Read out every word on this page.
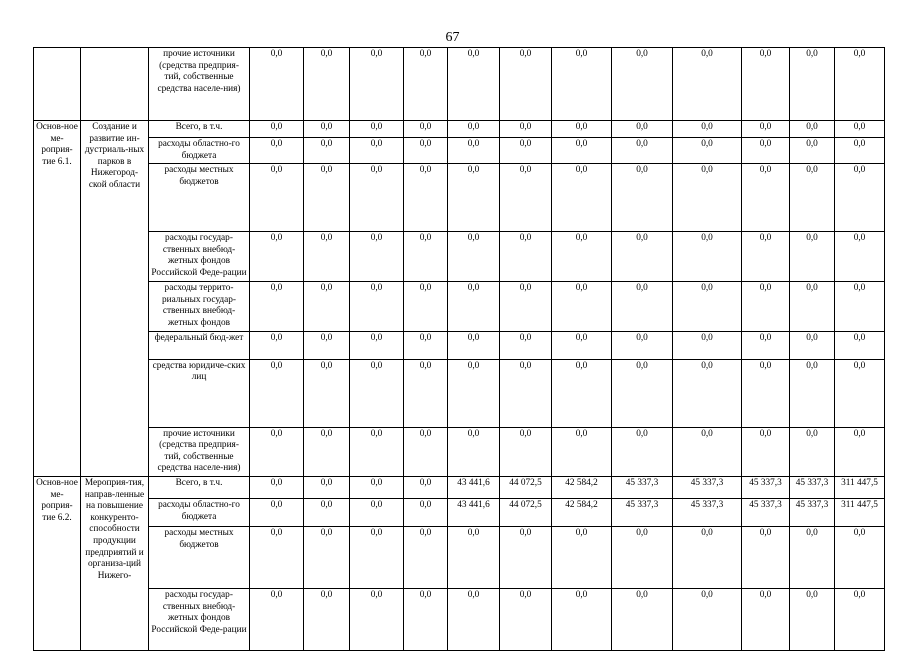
67
		прочие источники (средства предприя-тий, собственные средства населе-ния)	0,0	0,0	0,0	0,0	0,0	0,0	0,0	0,0	0,0	0,0	0,0	0,0
Основ-ное ме-роприя-тие 6.1.	Создание и развитие ин-дустриаль-ных парков в Нижегород-ской области	Всего, в т.ч.	0,0	0,0	0,0	0,0	0,0	0,0	0,0	0,0	0,0	0,0	0,0	0,0
		расходы областно-го бюджета	0,0	0,0	0,0	0,0	0,0	0,0	0,0	0,0	0,0	0,0	0,0	0,0
		расходы местных бюджетов	0,0	0,0	0,0	0,0	0,0	0,0	0,0	0,0	0,0	0,0	0,0	0,0
		расходы государ-ственных внебюд-жетных фондов Российской Феде-рации	0,0	0,0	0,0	0,0	0,0	0,0	0,0	0,0	0,0	0,0	0,0	0,0
		расходы террито-риальных государ-ственных внебюд-жетных фондов	0,0	0,0	0,0	0,0	0,0	0,0	0,0	0,0	0,0	0,0	0,0	0,0
		федеральный бюд-жет	0,0	0,0	0,0	0,0	0,0	0,0	0,0	0,0	0,0	0,0	0,0	0,0
		средства юридиче-ских лиц	0,0	0,0	0,0	0,0	0,0	0,0	0,0	0,0	0,0	0,0	0,0	0,0
		прочие источники (средства предприя-тий, собственные средства населе-ния)	0,0	0,0	0,0	0,0	0,0	0,0	0,0	0,0	0,0	0,0	0,0	0,0
Основ-ное ме-роприя-тие 6.2.	Мероприя-тия, направ-ленные на повышение конкуренто-способности продукции предприятий и организа-ций Нижего-	Всего, в т.ч.	0,0	0,0	0,0	0,0	43 441,6	44 072,5	42 584,2	45 337,3	45 337,3	45 337,3	45 337,3	311 447,5
		расходы областно-го бюджета	0,0	0,0	0,0	0,0	43 441,6	44 072,5	42 584,2	45 337,3	45 337,3	45 337,3	45 337,3	311 447,5
		расходы местных бюджетов	0,0	0,0	0,0	0,0	0,0	0,0	0,0	0,0	0,0	0,0	0,0	0,0
		расходы государ-ственных внебюд-жетных фондов Российской Феде-рации	0,0	0,0	0,0	0,0	0,0	0,0	0,0	0,0	0,0	0,0	0,0	0,0
